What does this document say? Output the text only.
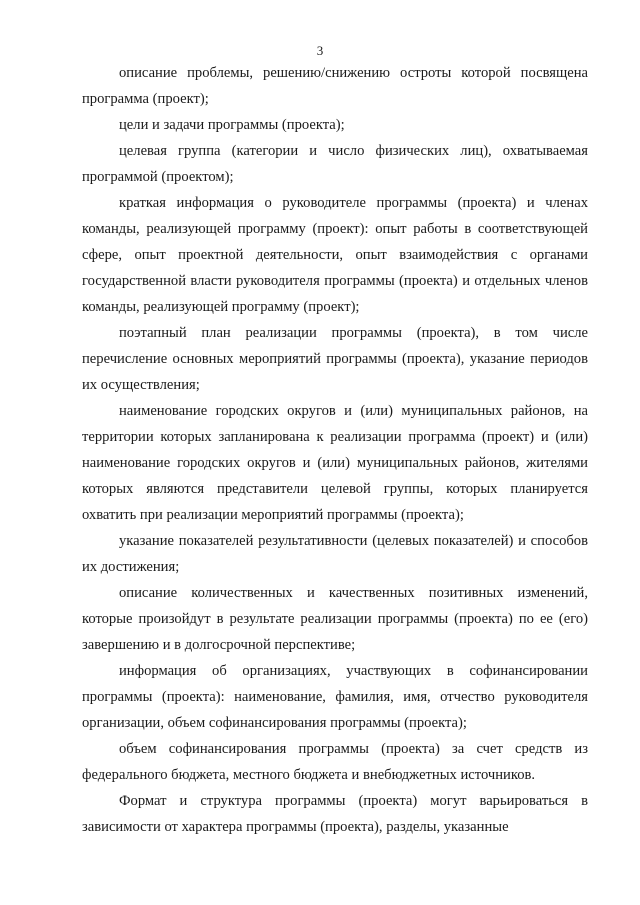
3

описание проблемы, решению/снижению остроты которой посвящена программа (проект);

цели и задачи программы (проекта);

целевая группа (категории и число физических лиц), охватываемая программой (проектом);

краткая информация о руководителе программы (проекта) и членах команды, реализующей программу (проект): опыт работы в соответствующей сфере, опыт проектной деятельности, опыт взаимодействия с органами государственной власти руководителя программы (проекта) и отдельных членов команды, реализующей программу (проект);

поэтапный план реализации программы (проекта), в том числе перечисление основных мероприятий программы (проекта), указание периодов их осуществления;

наименование городских округов и (или) муниципальных районов, на территории которых запланирована к реализации программа (проект) и (или) наименование городских округов и (или) муниципальных районов, жителями которых являются представители целевой группы, которых планируется охватить при реализации мероприятий программы (проекта);

указание показателей результативности (целевых показателей) и способов их достижения;

описание количественных и качественных позитивных изменений, которые произойдут в результате реализации программы (проекта) по ее (его) завершению и в долгосрочной перспективе;

информация об организациях, участвующих в софинансировании программы (проекта): наименование, фамилия, имя, отчество руководителя организации, объем софинансирования программы (проекта);

объем софинансирования программы (проекта) за счет средств из федерального бюджета, местного бюджета и внебюджетных источников.

Формат и структура программы (проекта) могут варьироваться в зависимости от характера программы (проекта), разделы, указанные
